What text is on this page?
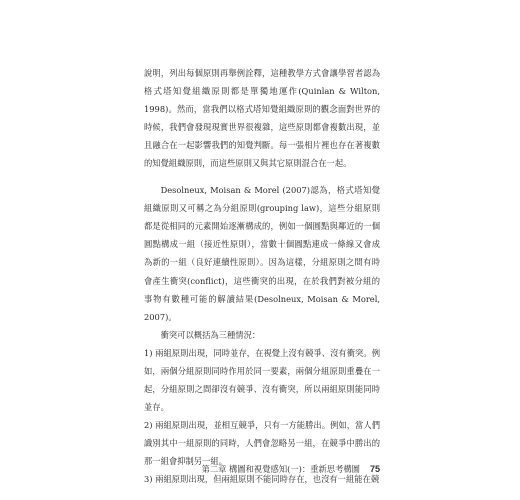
說明，列出每個原則再舉例詮釋，這種教學方式會讓學習者認為格式塔知覺組織原則都是單獨地運作(Quinlan & Wilton, 1998)。然而，當我們以格式塔知覺組織原則的觀念面對世界的時候，我們會發現現實世界很複雜，這些原則都會複數出現，並且融合在一起影響我們的知覺判斷。每一張相片裡也存在著複數的知覺組織原則，而這些原則又與其它原則混合在一起。

Desolneux, Moisan & Morel (2007)認為，格式塔知覺組織原則又可稱之為分組原則(grouping law)，這些分組原則都是從相同的元素開始逐漸構成的，例如一個圓點與鄰近的一個圓點構成一組（接近性原則），當數十個圓點連成一條線又會成為新的一組（良好連續性原則）。因為這樣，分組原則之間有時會產生衝突(conflict)，這些衝突的出現，在於我們對被分組的事物有數種可能的解讀結果(Desolneux, Moisan & Morel, 2007)。

衝突可以概括為三種情況：

1) 兩組原則出現，同時並存，在視覺上沒有競爭、沒有衝突。例如，兩個分組原則同時作用於同一要素，兩個分組原則重疊在一起，分組原則之間卻沒有競爭、沒有衝突，所以兩組原則能同時並存。

2) 兩組原則出現，並相互競爭，只有一方能勝出。例如，當人們識別其中一組原則的同時，人們會忽略另一組，在競爭中勝出的那一組會抑制另一組。

3) 兩組原則出現，但兩組原則不能同時存在，也沒有一組能在競

第二章 構圖和視覺感知(一)：重新思考構圖 75
